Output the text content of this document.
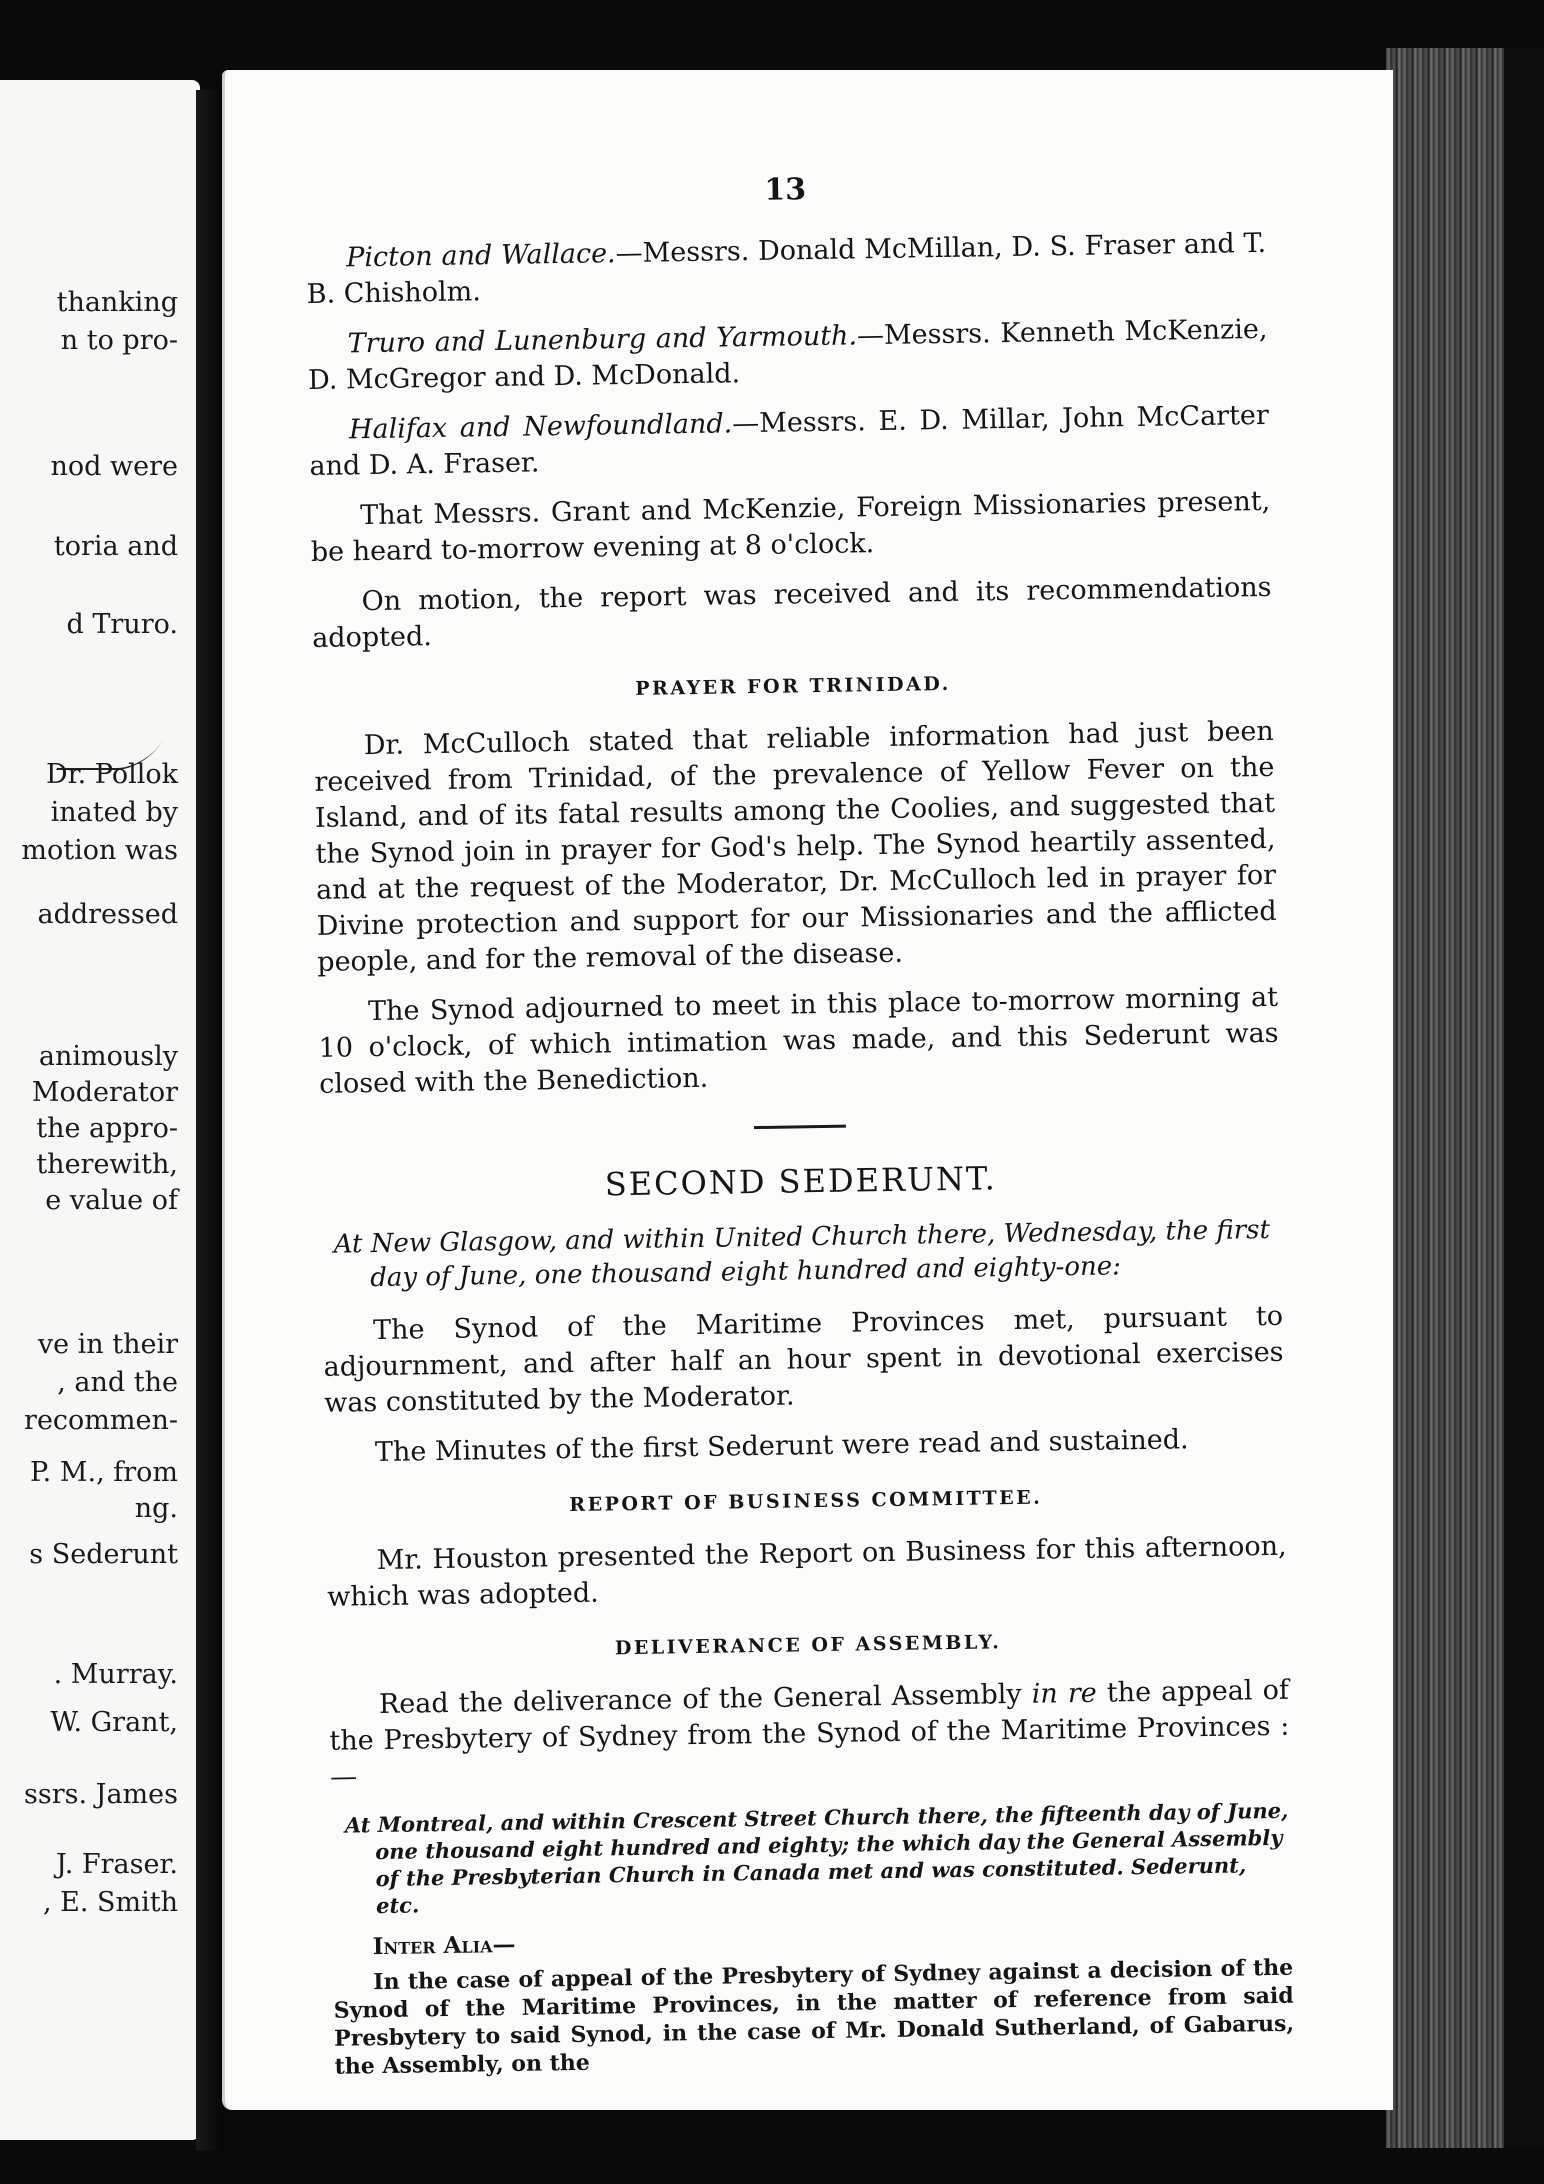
thanking
n to pro-
nod were
toria and
d Truro.
Dr. Pollok
inated by
motion was
addressed
animously
Moderator
the appro-
therewith,
e value of
ve in their
, and the
recommen-
P. M., from
ng.
s Sederunt
. Murray.
W. Grant,
ssrs. James
J. Fraser.
, E. Smith
13

Picton and Wallace.—Messrs. Donald McMillan, D. S. Fraser and T. B. Chisholm.

Truro and Lunenburg and Yarmouth.—Messrs. Kenneth McKenzie, D. McGregor and D. McDonald.

Halifax and Newfoundland.—Messrs. E. D. Millar, John McCarter and D. A. Fraser.

That Messrs. Grant and McKenzie, Foreign Missionaries present, be heard to-morrow evening at 8 o'clock.

On motion, the report was received and its recommendations adopted.

PRAYER FOR TRINIDAD.

Dr. McCulloch stated that reliable information had just been received from Trinidad, of the prevalence of Yellow Fever on the Island, and of its fatal results among the Coolies, and suggested that the Synod join in prayer for God's help. The Synod heartily assented, and at the request of the Moderator, Dr. McCulloch led in prayer for Divine protection and support for our Missionaries and the afflicted people, and for the removal of the disease.

The Synod adjourned to meet in this place to-morrow morning at 10 o'clock, of which intimation was made, and this Sederunt was closed with the Benediction.

SECOND SEDERUNT.
At New Glasgow, and within United Church there, Wednesday, the first day of June, one thousand eight hundred and eighty-one:

The Synod of the Maritime Provinces met, pursuant to adjournment, and after half an hour spent in devotional exercises was constituted by the Moderator.

The Minutes of the first Sederunt were read and sustained.

REPORT OF BUSINESS COMMITTEE.

Mr. Houston presented the Report on Business for this afternoon, which was adopted.

DELIVERANCE OF ASSEMBLY.

Read the deliverance of the General Assembly in re the appeal of the Presbytery of Sydney from the Synod of the Maritime Provinces :—

At Montreal, and within Crescent Street Church there, the fifteenth day of June, one thousand eight hundred and eighty; the which day the General Assembly of the Presbyterian Church in Canada met and was constituted. Sederunt, etc.
Inter Alia—

In the case of appeal of the Presbytery of Sydney against a decision of the Synod of the Maritime Provinces, in the matter of reference from said Presbytery to said Synod, in the case of Mr. Donald Sutherland, of Gabarus, the Assembly, on the
